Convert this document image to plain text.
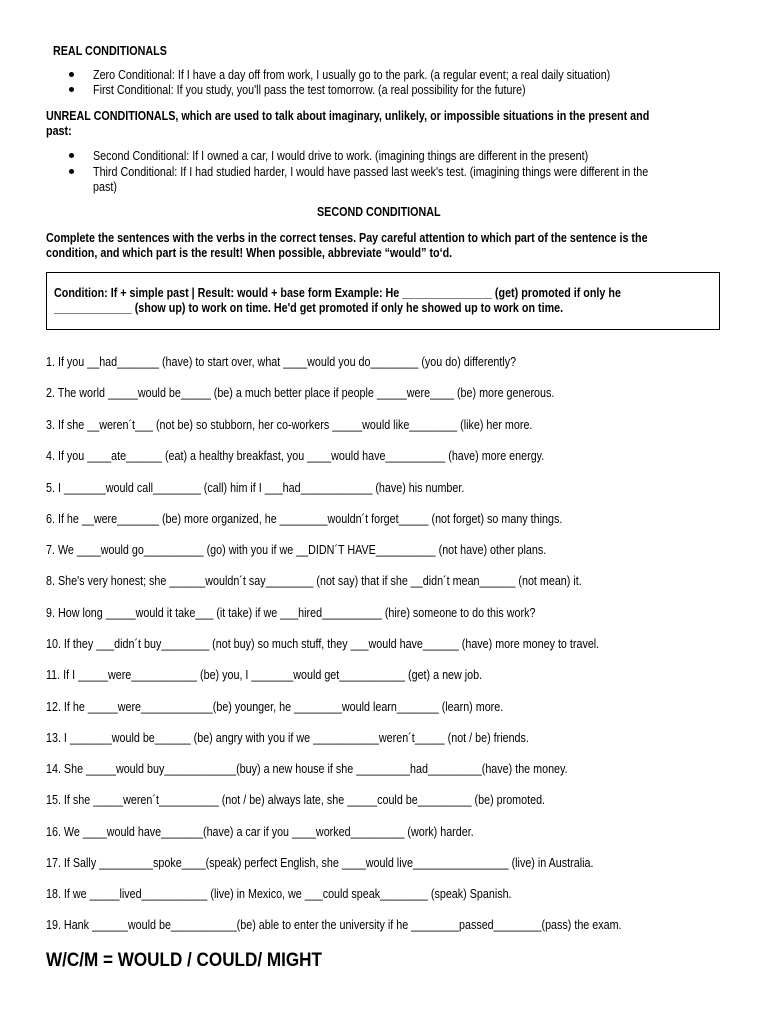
REAL CONDITIONALS
Zero Conditional: If I have a day off from work, I usually go to the park. (a regular event; a real daily situation)
First Conditional: If you study, you'll pass the test tomorrow. (a real possibility for the future)
UNREAL CONDITIONALS, which are used to talk about imaginary, unlikely, or impossible situations in the present and
past:
Second Conditional: If I owned a car, I would drive to work. (imagining things are different in the present)
Third Conditional: If I had studied harder, I would have passed last week's test. (imagining things were different in the
past)
SECOND CONDITIONAL
Complete the sentences with the verbs in the correct tenses. Pay careful attention to which part of the sentence is the
condition, and which part is the result! When possible, abbreviate “would” to‘d.
Condition: If + simple past | Result: would + base form Example: He _______________ (get) promoted if only he
_____________ (show up) to work on time. He'd get promoted if only he showed up to work on time.
1. If you __had_______ (have) to start over, what ____would you do________ (you do) differently?
2. The world _____would be_____ (be) a much better place if people _____were____ (be) more generous.
3. If she __weren´t___ (not be) so stubborn, her co-workers _____would like________ (like) her more.
4. If you ____ate______ (eat) a healthy breakfast, you ____would have__________ (have) more energy.
5. I _______would call________ (call) him if I ___had____________ (have) his number.
6. If he __were_______ (be) more organized, he ________wouldn´t forget_____ (not forget) so many things.
7. We ____would go__________ (go) with you if we __DIDN´T HAVE__________ (not have) other plans.
8. She's very honest; she ______wouldn´t say________ (not say) that if she __didn´t mean______ (not mean) it.
9. How long _____would it take___ (it take) if we ___hired__________ (hire) someone to do this work?
10. If they ___didn´t buy________ (not buy) so much stuff, they ___would have______ (have) more money to travel.
11. If I _____were___________ (be) you, I _______would get___________ (get) a new job.
12. If he _____were____________(be) younger, he ________would learn_______ (learn) more.
13. I _______would be______ (be) angry with you if we ___________weren´t_____ (not / be) friends.
14. She _____would buy____________(buy) a new house if she _________had_________(have) the money.
15. If she _____weren´t__________ (not / be) always late, she _____could be_________ (be) promoted.
16. We ____would have_______(have) a car if you ____worked_________ (work) harder.
17. If Sally _________spoke____(speak) perfect English, she ____would live________________ (live) in Australia.
18. If we _____lived___________ (live) in Mexico, we ___could speak________ (speak) Spanish.
19. Hank ______would be___________(be) able to enter the university if he ________passed________(pass) the exam.
W/C/M = WOULD / COULD/ MIGHT
